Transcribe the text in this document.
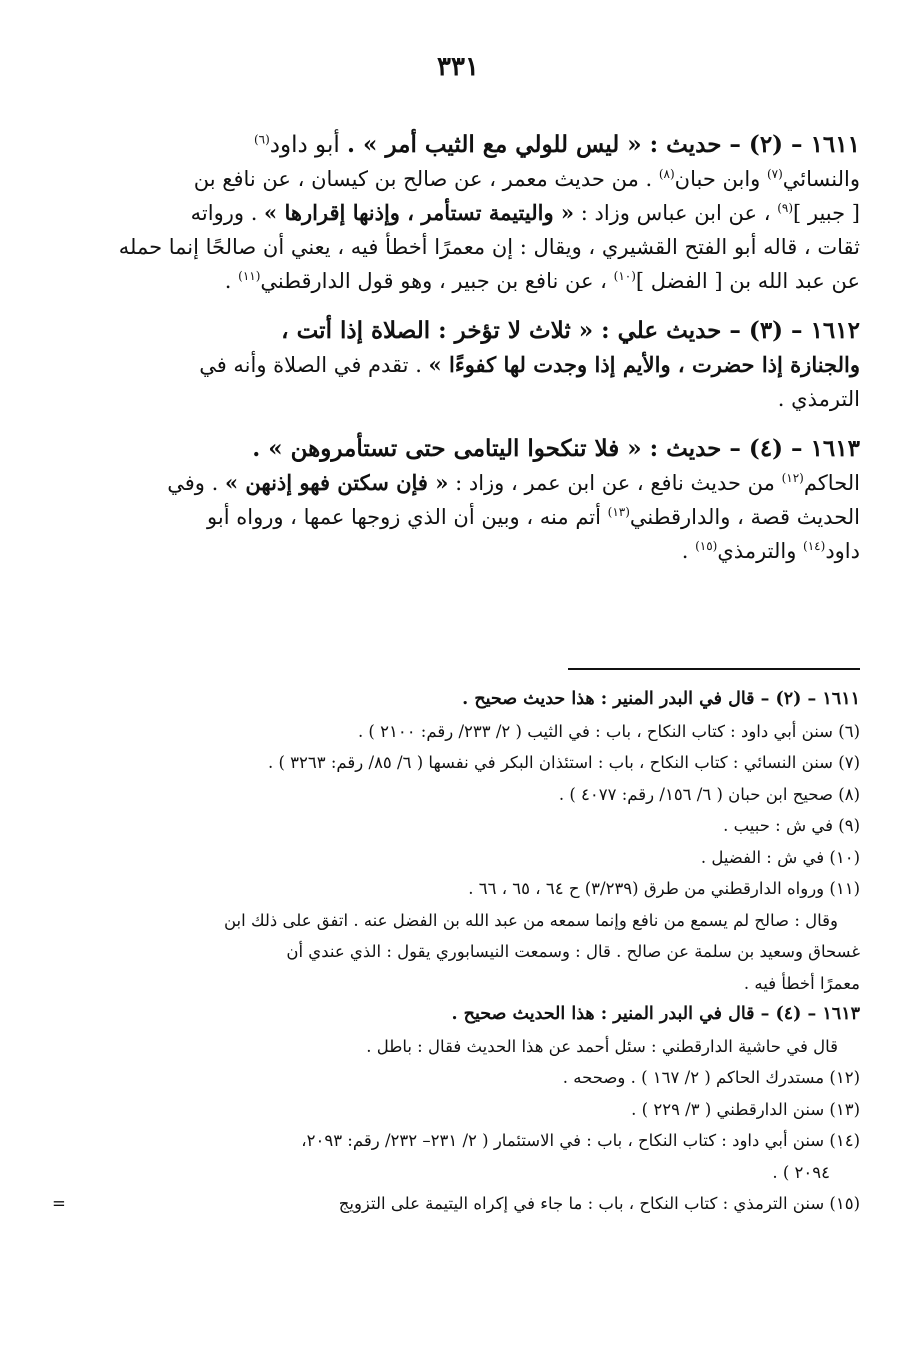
٣٣١

١٦١١ – (٢) – حديث : « ليس للولي مع الثيب أمر » . أبو داود$^{(٦)}$

والنسائي$^{(٧)}$ وابن حبان$^{(٨)}$ . من حديث معمر ، عن صالح بن كيسان ، عن نافع بن

[ جبير ]$^{(٩)}$ ، عن ابن عباس وزاد : « واليتيمة تستأمر ، وإذنها إقرارها » . ورواته

ثقات ، قاله أبو الفتح القشيري ، ويقال : إن معمرًا أخطأ فيه ، يعني أن صالحًا إنما حمله

عن عبد الله بن [ الفضل ]$^{(١٠)}$ ، عن نافع بن جبير ، وهو قول الدارقطني$^{(١١)}$ .

١٦١٢ – (٣) – حديث علي : « ثلاث لا تؤخر : الصلاة إذا أتت ،

والجنازة إذا حضرت ، والأيم إذا وجدت لها كفوءًا » . تقدم في الصلاة وأنه في

الترمذي .

١٦١٣ – (٤) – حديث : « فلا تنكحوا اليتامى حتى تستأمروهن » .

الحاكم$^{(١٢)}$ من حديث نافع ، عن ابن عمر ، وزاد : « فإن سكتن فهو إذنهن » . وفي

الحديث قصة ، والدارقطني$^{(١٣)}$ أتم منه ، وبين أن الذي زوجها عمها ، ورواه أبو

داود$^{(١٤)}$ والترمذي$^{(١٥)}$ .

١٦١١ – (٢) – قال في البدر المنير : هذا حديث صحيح .

(٦) سنن أبي داود : كتاب النكاح ، باب : في الثيب ( ٢/ ٢٣٣/ رقم: ٢١٠٠ ) .

(٧) سنن النسائي : كتاب النكاح ، باب : استئذان البكر في نفسها ( ٦/ ٨٥/ رقم: ٣٢٦٣ ) .

(٨) صحيح ابن حبان ( ٦/ ١٥٦/ رقم: ٤٠٧٧ ) .

(٩) في ش : حبيب .

(١٠) في ش : الفضيل .

(١١) ورواه الدارقطني من طرق (٣/٢٣٩) ح ٦٤ ، ٦٥ ، ٦٦ .

وقال : صالح لم يسمع من نافع وإنما سمعه من عبد الله بن الفضل عنه . اتفق على ذلك ابن

غسحاق وسعيد بن سلمة عن صالح . قال : وسمعت النيسابوري يقول : الذي عندي أن

معمرًا أخطأ فيه .

١٦١٣ – (٤) – قال في البدر المنير : هذا الحديث صحيح .

قال في حاشية الدارقطني : سئل أحمد عن هذا الحديث فقال : باطل .

(١٢) مستدرك الحاكم ( ٢/ ١٦٧ ) . وصححه .

(١٣) سنن الدارقطني ( ٣/ ٢٢٩ ) .

(١٤) سنن أبي داود : كتاب النكاح ، باب : في الاستئمار ( ٢/ ٢٣١– ٢٣٢/ رقم: ٢٠٩٣،

٢٠٩٤ ) .

(١٥) سنن الترمذي : كتاب النكاح ، باب : ما جاء في إكراه اليتيمة على التزويج
=
